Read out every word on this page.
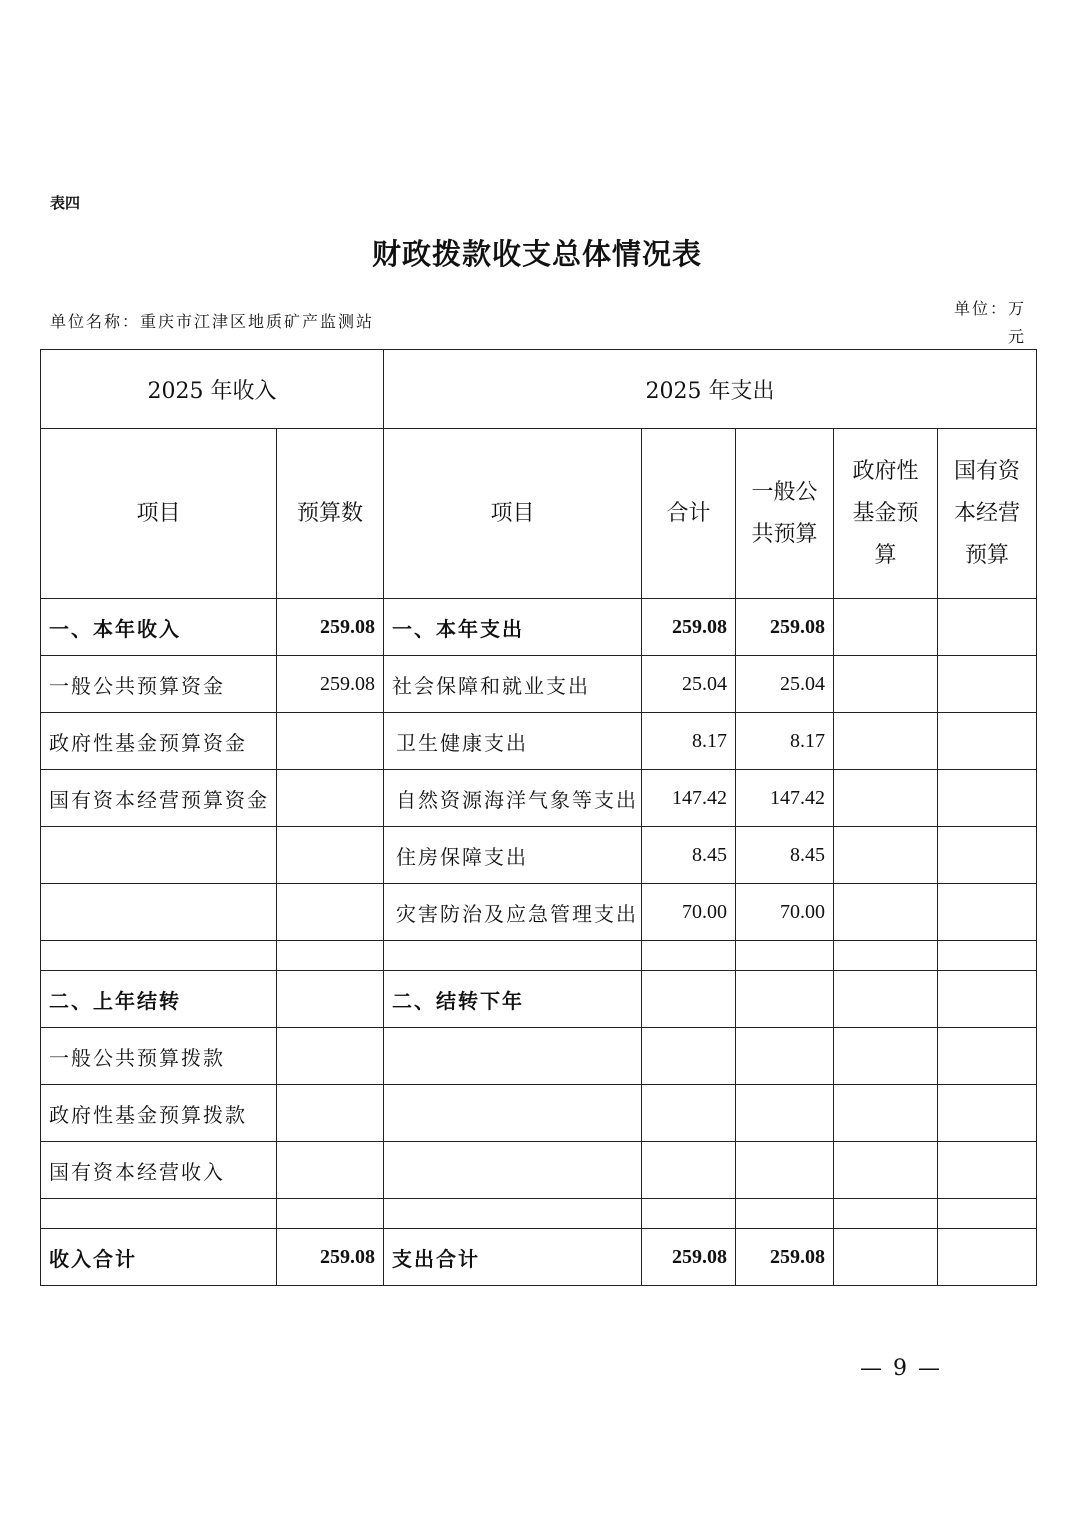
表四
财政拨款收支总体情况表
单位名称：重庆市江津区地质矿产监测站
单位：万元
2025 年收入		2025 年支出				
项目	预算数	项目	合计	一般公共预算	政府性基金预算	国有资本经营预算

一、本年收入	259.08	一、本年支出	259.08	259.08		
一般公共预算资金	259.08	社会保障和就业支出	25.04	25.04		
政府性基金预算资金		卫生健康支出	8.17	8.17		
国有资本经营预算资金		自然资源海洋气象等支出	147.42	147.42		
		住房保障支出	8.45	8.45		
		灾害防治及应急管理支出	70.00	70.00		

二、上年结转		二、结转下年				
一般公共预算拨款						
政府性基金预算拨款						
国有资本经营收入						

收入合计	259.08	支出合计	259.08	259.08		
— 9 —
